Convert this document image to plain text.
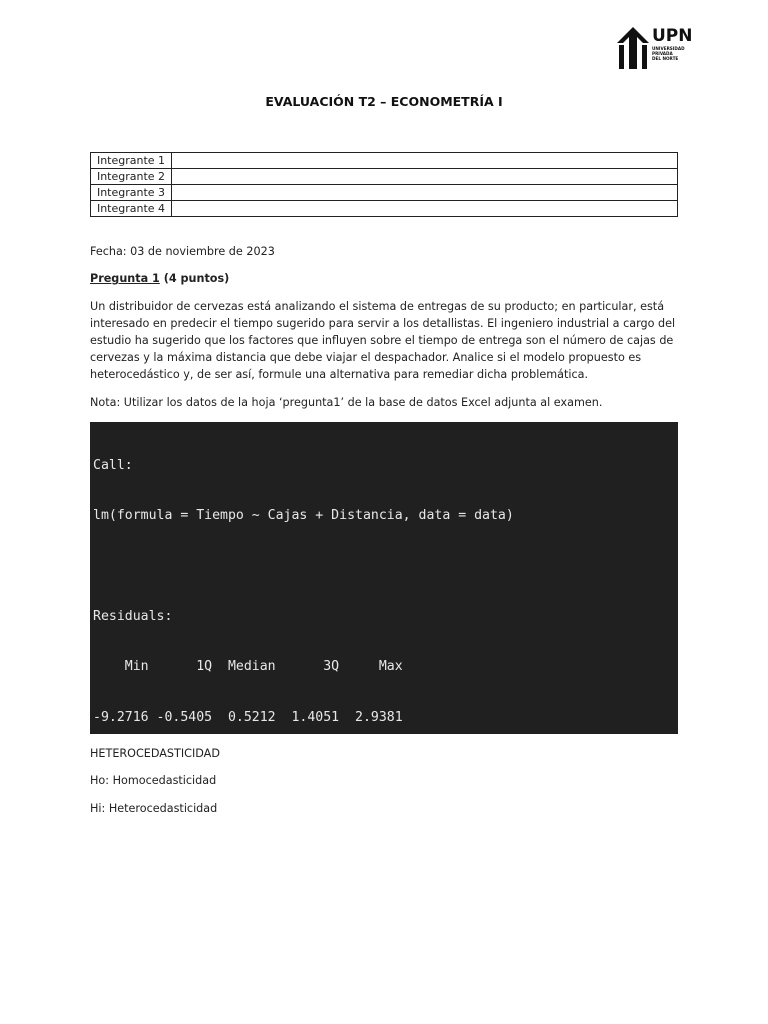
UPN
UNIVERSIDAD
PRIVADA
DEL NORTE
EVALUACIÓN T2 – ECONOMETRÍA I
Integrante 1	
Integrante 2	
Integrante 3	
Integrante 4	
Fecha: 03 de noviembre de 2023
Pregunta 1 (4 puntos)
Un distribuidor de cervezas está analizando el sistema de entregas de su producto; en particular, está interesado en predecir el tiempo sugerido para servir a los detallistas. El ingeniero industrial a cargo del estudio ha sugerido que los factores que influyen sobre el tiempo de entrega son el número de cajas de cervezas y la máxima distancia que debe viajar el despachador. Analice si el modelo propuesto es heterocedástico y, de ser así, formule una alternativa para remediar dicha problemática.
Nota: Utilizar los datos de la hoja ‘pregunta1’ de la base de datos Excel adjunta al examen.

Call:

lm(formula = Tiempo ~ Cajas + Distancia, data = data)

Residuals:

Min      1Q  Median      3Q     Max

-9.2716 -0.5405  0.5212  1.4051  2.9381

HETEROCEDASTICIDAD
Ho: Homocedasticidad
Hi: Heterocedasticidad
